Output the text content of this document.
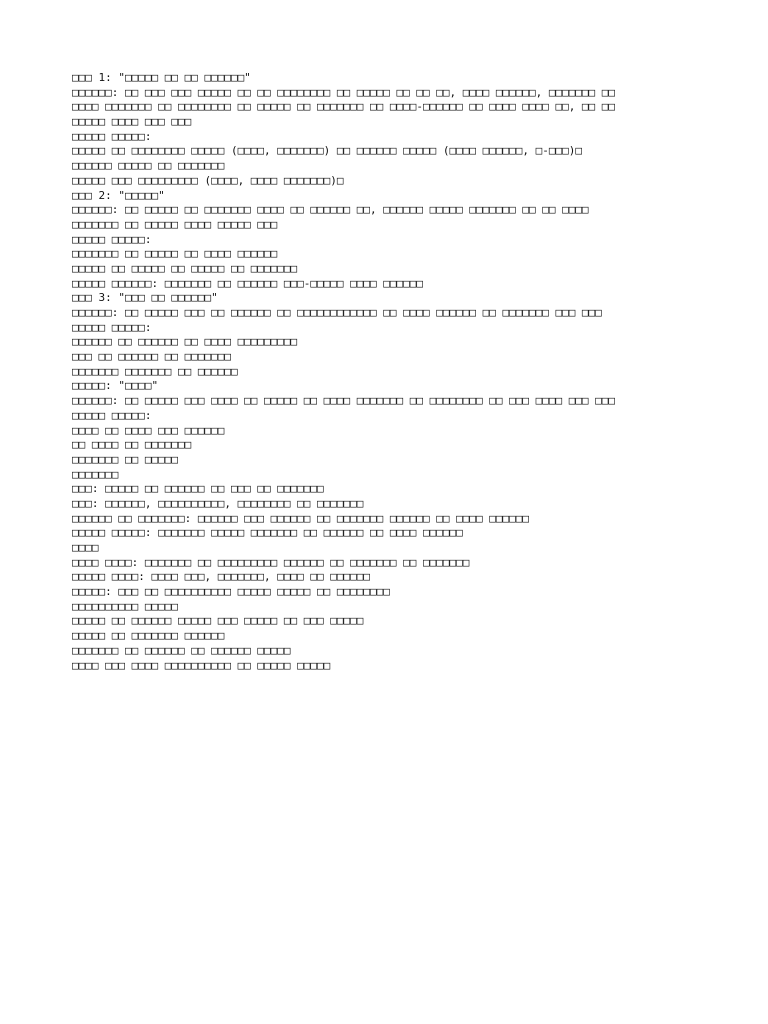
□□□ 1: "□□□□□ □□ □□ □□□□□□"
□□□□□□: □□ □□□ □□□ □□□□□ □□ □□ □□□□□□□□ □□ □□□□□ □□ □□ □□, □□□□ □□□□□□, □□□□□□□ □□
□□□□ □□□□□□□ □□ □□□□□□□□ □□ □□□□□ □□ □□□□□□□ □□ □□□□-□□□□□□ □□ □□□□ □□□□ □□, □□ □□
□□□□□ □□□□ □□□ □□□
□□□□□ □□□□□:
□□□□□ □□ □□□□□□□□ □□□□□ (□□□□, □□□□□□□) □□ □□□□□□ □□□□□ (□□□□ □□□□□□, □-□□□)□
□□□□□□ □□□□□ □□ □□□□□□□
□□□□□ □□□ □□□□□□□□□ (□□□□, □□□□ □□□□□□□)□
□□□ 2: "□□□□□"
□□□□□□: □□ □□□□□ □□ □□□□□□□ □□□□ □□ □□□□□□ □□, □□□□□□ □□□□□ □□□□□□□ □□ □□ □□□□
□□□□□□□ □□ □□□□□ □□□□ □□□□□ □□□
□□□□□ □□□□□:
□□□□□□□ □□ □□□□□ □□ □□□□ □□□□□□
□□□□□ □□ □□□□□ □□ □□□□□ □□ □□□□□□□
□□□□□ □□□□□□: □□□□□□□ □□ □□□□□□ □□□-□□□□□ □□□□ □□□□□□
□□□ 3: "□□□ □□ □□□□□□"
□□□□□□: □□ □□□□□ □□□ □□ □□□□□□ □□ □□□□□□□□□□□□ □□ □□□□ □□□□□□ □□ □□□□□□□ □□□ □□□
□□□□□ □□□□□:
□□□□□□ □□ □□□□□□ □□ □□□□ □□□□□□□□□
□□□ □□ □□□□□□ □□ □□□□□□□
□□□□□□□ □□□□□□□ □□ □□□□□□
□□□□□: "□□□□"
□□□□□□: □□ □□□□□ □□□ □□□□ □□ □□□□□ □□ □□□□ □□□□□□□ □□ □□□□□□□□ □□ □□□ □□□□ □□□ □□□
□□□□□ □□□□□:
□□□□ □□ □□□□ □□□ □□□□□□
□□ □□□□ □□ □□□□□□□
□□□□□□□ □□ □□□□□
□□□□□□□
□□□: □□□□□ □□ □□□□□□ □□ □□□ □□ □□□□□□□
□□□: □□□□□□, □□□□□□□□□□, □□□□□□□□ □□ □□□□□□□
□□□□□□ □□ □□□□□□□: □□□□□□ □□□ □□□□□□ □□ □□□□□□□ □□□□□□ □□ □□□□ □□□□□□
□□□□□ □□□□□: □□□□□□□ □□□□□ □□□□□□□ □□ □□□□□□ □□ □□□□ □□□□□□
□□□□
□□□□ □□□□: □□□□□□□ □□ □□□□□□□□□ □□□□□□ □□ □□□□□□□ □□ □□□□□□□
□□□□□ □□□□: □□□□ □□□, □□□□□□□, □□□□ □□ □□□□□□
□□□□□: □□□ □□ □□□□□□□□□□ □□□□□ □□□□□ □□ □□□□□□□□
□□□□□□□□□□ □□□□□
□□□□□ □□ □□□□□□ □□□□□ □□□ □□□□□ □□ □□□ □□□□□
□□□□□ □□ □□□□□□□ □□□□□□
□□□□□□□ □□ □□□□□□ □□ □□□□□□ □□□□□
□□□□ □□□ □□□□ □□□□□□□□□□ □□ □□□□□ □□□□□
